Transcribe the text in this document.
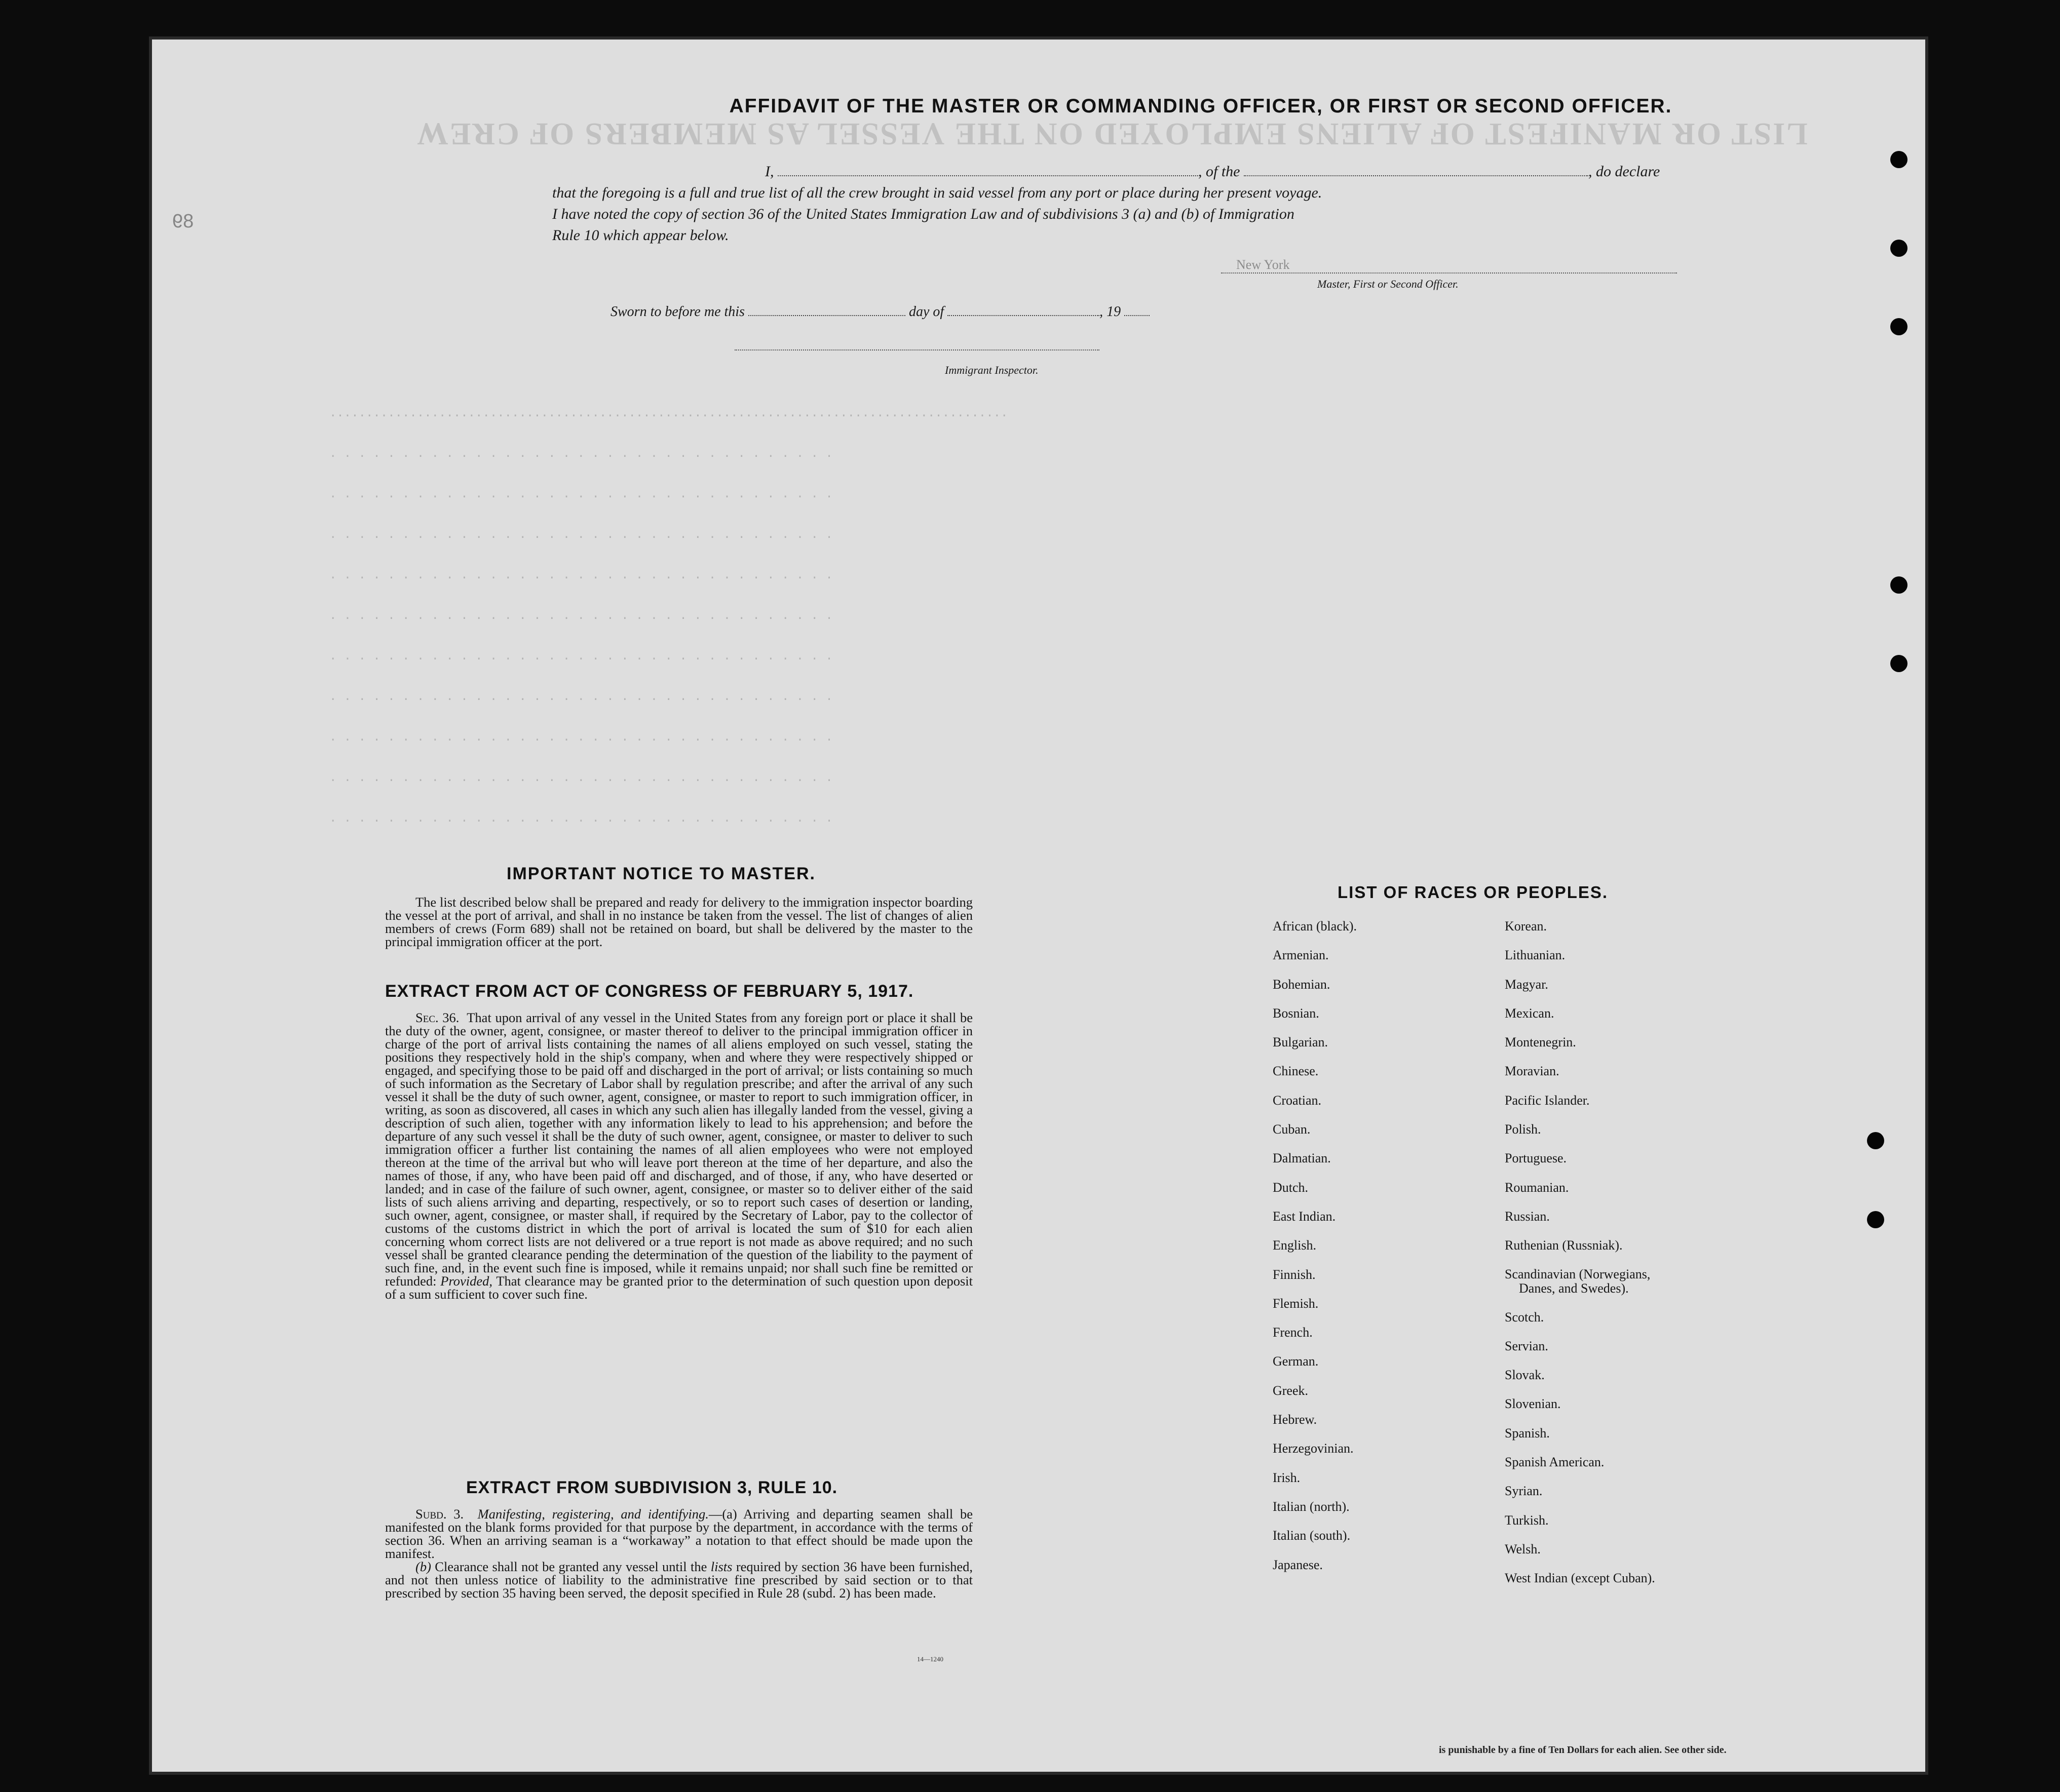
LIST OR MANIFEST OF ALIENS EMPLOYED ON THE VESSEL AS MEMBERS OF CREW
New York
89
AFFIDAVIT OF THE MASTER OR COMMANDING OFFICER, OR FIRST OR SECOND OFFICER.
I,	, of the	, do declare
that the foregoing is a full and true list of all the crew brought in said vessel from any port or place during her present voyage.
I have noted the copy of section 36 of the United States Immigration Law and of subdivisions 3 (a) and (b) of Immigration
Rule 10 which appear below.
Master, First or Second Officer.
Sworn to before me this	day of	, 19
Immigrant Inspector.
.............................................................................................
. . . . . . . . . . . . . . . . . . . . . . . . . . . . . . . . . . .
. . . . . . . . . . . . . . . . . . . . . . . . . . . . . . . . . . .
. . . . . . . . . . . . . . . . . . . . . . . . . . . . . . . . . . .
. . . . . . . . . . . . . . . . . . . . . . . . . . . . . . . . . . .
. . . . . . . . . . . . . . . . . . . . . . . . . . . . . . . . . . .
. . . . . . . . . . . . . . . . . . . . . . . . . . . . . . . . . . .
. . . . . . . . . . . . . . . . . . . . . . . . . . . . . . . . . . .
. . . . . . . . . . . . . . . . . . . . . . . . . . . . . . . . . . .
. . . . . . . . . . . . . . . . . . . . . . . . . . . . . . . . . . .
. . . . . . . . . . . . . . . . . . . . . . . . . . . . . . . . . . .
IMPORTANT NOTICE TO MASTER.

The list described below shall be prepared and ready for delivery to the immigration inspector boarding the vessel at the port of arrival, and shall in no instance be taken from the vessel. The list of changes of alien members of crews (Form 689) shall not be retained on board, but shall be delivered by the master to the principal immigration officer at the port.

EXTRACT FROM ACT OF CONGRESS OF FEBRUARY 5, 1917.

Sec. 36. That upon arrival of any vessel in the United States from any foreign port or place it shall be the duty of the owner, agent, consignee, or master thereof to deliver to the principal immigration officer in charge of the port of arrival lists containing the names of all aliens employed on such vessel, stating the positions they respectively hold in the ship's company, when and where they were respectively shipped or engaged, and specifying those to be paid off and discharged in the port of arrival; or lists containing so much of such information as the Secretary of Labor shall by regulation prescribe; and after the arrival of any such vessel it shall be the duty of such owner, agent, consignee, or master to report to such immigration officer, in writing, as soon as discovered, all cases in which any such alien has illegally landed from the vessel, giving a description of such alien, together with any information likely to lead to his apprehension; and before the departure of any such vessel it shall be the duty of such owner, agent, consignee, or master to deliver to such immigration officer a further list containing the names of all alien employees who were not employed thereon at the time of the arrival but who will leave port thereon at the time of her departure, and also the names of those, if any, who have been paid off and discharged, and of those, if any, who have deserted or landed; and in case of the failure of such owner, agent, consignee, or master so to deliver either of the said lists of such aliens arriving and departing, respectively, or so to report such cases of desertion or landing, such owner, agent, consignee, or master shall, if required by the Secretary of Labor, pay to the collector of customs of the customs district in which the port of arrival is located the sum of $10 for each alien concerning whom correct lists are not delivered or a true report is not made as above required; and no such vessel shall be granted clearance pending the determination of the question of the liability to the payment of such fine, and, in the event such fine is imposed, while it remains unpaid; nor shall such fine be remitted or refunded: Provided, That clearance may be granted prior to the determination of such question upon deposit of a sum sufficient to cover such fine.

EXTRACT FROM SUBDIVISION 3, RULE 10.

Subd. 3. Manifesting, registering, and identifying.—(a) Arriving and departing seamen shall be manifested on the blank forms provided for that purpose by the department, in accordance with the terms of section 36. When an arriving seaman is a “workaway” a notation to that effect should be made upon the manifest.

(b) Clearance shall not be granted any vessel until the lists required by section 36 have been furnished, and not then unless notice of liability to the administrative fine prescribed by said section or to that prescribed by section 35 having been served, the deposit specified in Rule 28 (subd. 2) has been made.

14—1240
LIST OF RACES OR PEOPLES.
African (black).
Armenian.
Bohemian.
Bosnian.
Bulgarian.
Chinese.
Croatian.
Cuban.
Dalmatian.
Dutch.
East Indian.
English.
Finnish.
Flemish.
French.
German.
Greek.
Hebrew.
Herzegovinian.
Irish.
Italian (north).
Italian (south).
Japanese.
Korean.
Lithuanian.
Magyar.
Mexican.
Montenegrin.
Moravian.
Pacific Islander.
Polish.
Portuguese.
Roumanian.
Russian.
Ruthenian (Russniak).
Scandinavian (Norwegians,
Danes, and Swedes).
Scotch.
Servian.
Slovak.
Slovenian.
Spanish.
Spanish American.
Syrian.
Turkish.
Welsh.
West Indian (except Cuban).
is punishable by a fine of Ten Dollars for each alien. See other side.
